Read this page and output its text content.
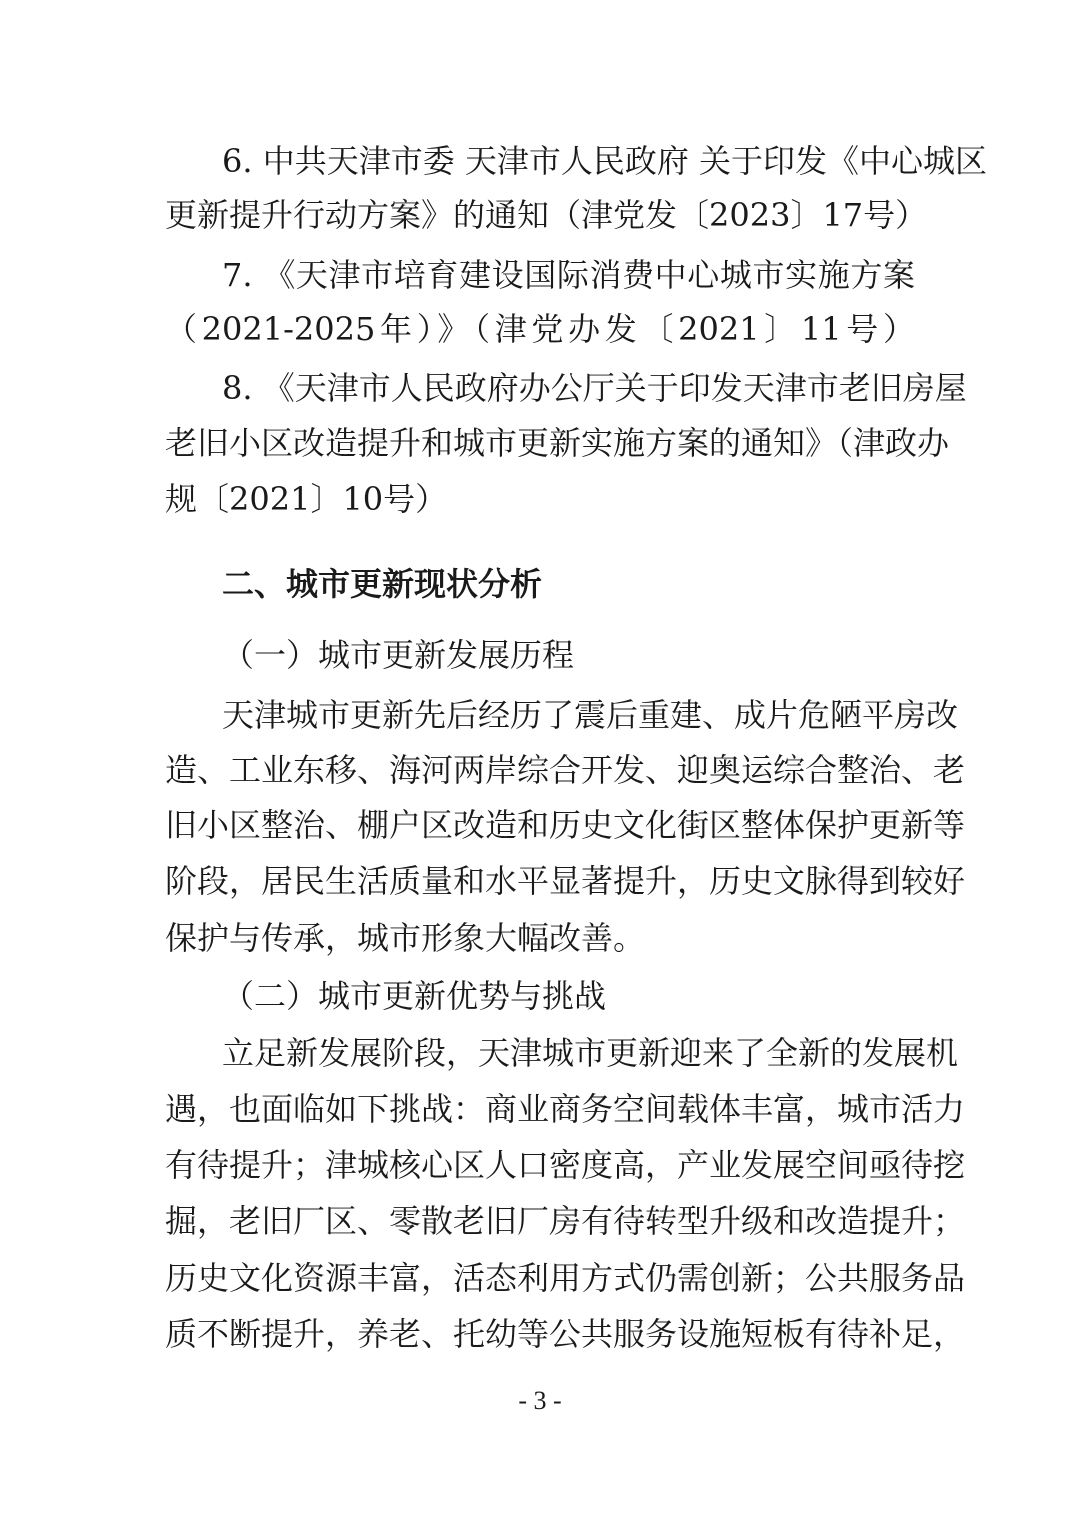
6. 中共天津市委 天津市人民政府 关于印发《中心城区
更新提升行动方案》的通知（津党发〔2023〕17号）
7. 《天津市培育建设国际消费中心城市实施方案
（2021-2025年）》（津党办发〔2021〕11号）
8. 《天津市人民政府办公厅关于印发天津市老旧房屋
老旧小区改造提升和城市更新实施方案的通知》（津政办
规〔2021〕10号）
二、城市更新现状分析
（一）城市更新发展历程
天津城市更新先后经历了震后重建、成片危陋平房改
造、工业东移、海河两岸综合开发、迎奥运综合整治、老
旧小区整治、棚户区改造和历史文化街区整体保护更新等
阶段，居民生活质量和水平显著提升，历史文脉得到较好
保护与传承，城市形象大幅改善。
（二）城市更新优势与挑战
立足新发展阶段，天津城市更新迎来了全新的发展机
遇，也面临如下挑战：商业商务空间载体丰富，城市活力
有待提升；津城核心区人口密度高，产业发展空间亟待挖
掘，老旧厂区、零散老旧厂房有待转型升级和改造提升；
历史文化资源丰富，活态利用方式仍需创新；公共服务品
质不断提升，养老、托幼等公共服务设施短板有待补足，
- 3 -
